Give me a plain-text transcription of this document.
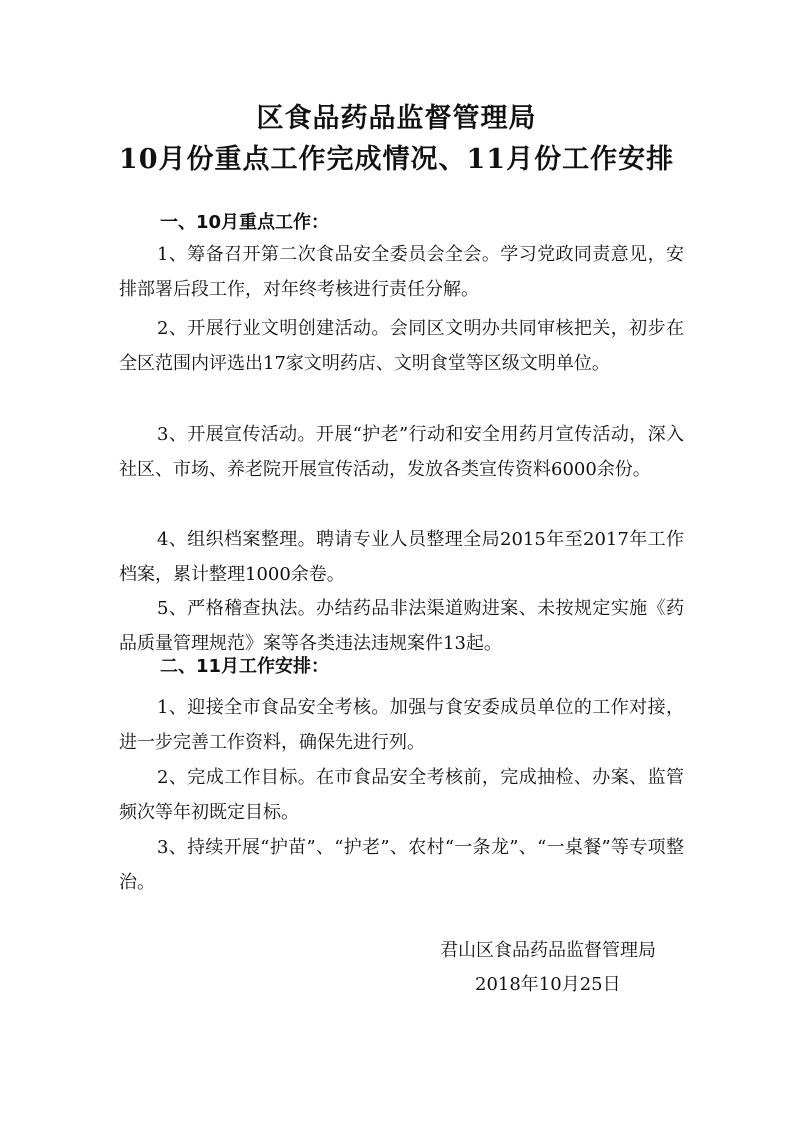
区食品药品监督管理局
10月份重点工作完成情况、11月份工作安排
一、10月重点工作：

1、筹备召开第二次食品安全委员会全会。学习党政同责意见，安排部署后段工作，对年终考核进行责任分解。

2、开展行业文明创建活动。会同区文明办共同审核把关，初步在全区范围内评选出17家文明药店、文明食堂等区级文明单位。

3、开展宣传活动。开展“护老”行动和安全用药月宣传活动，深入社区、市场、养老院开展宣传活动，发放各类宣传资料6000余份。

4、组织档案整理。聘请专业人员整理全局2015年至2017年工作档案，累计整理1000余卷。

5、严格稽查执法。办结药品非法渠道购进案、未按规定实施《药品质量管理规范》案等各类违法违规案件13起。

二、11月工作安排：

1、迎接全市食品安全考核。加强与食安委成员单位的工作对接，进一步完善工作资料，确保先进行列。

2、完成工作目标。在市食品安全考核前，完成抽检、办案、监管频次等年初既定目标。

3、持续开展“护苗”、“护老”、农村“一条龙”、“一桌餐”等专项整治。

君山区食品药品监督管理局
2018年10月25日
